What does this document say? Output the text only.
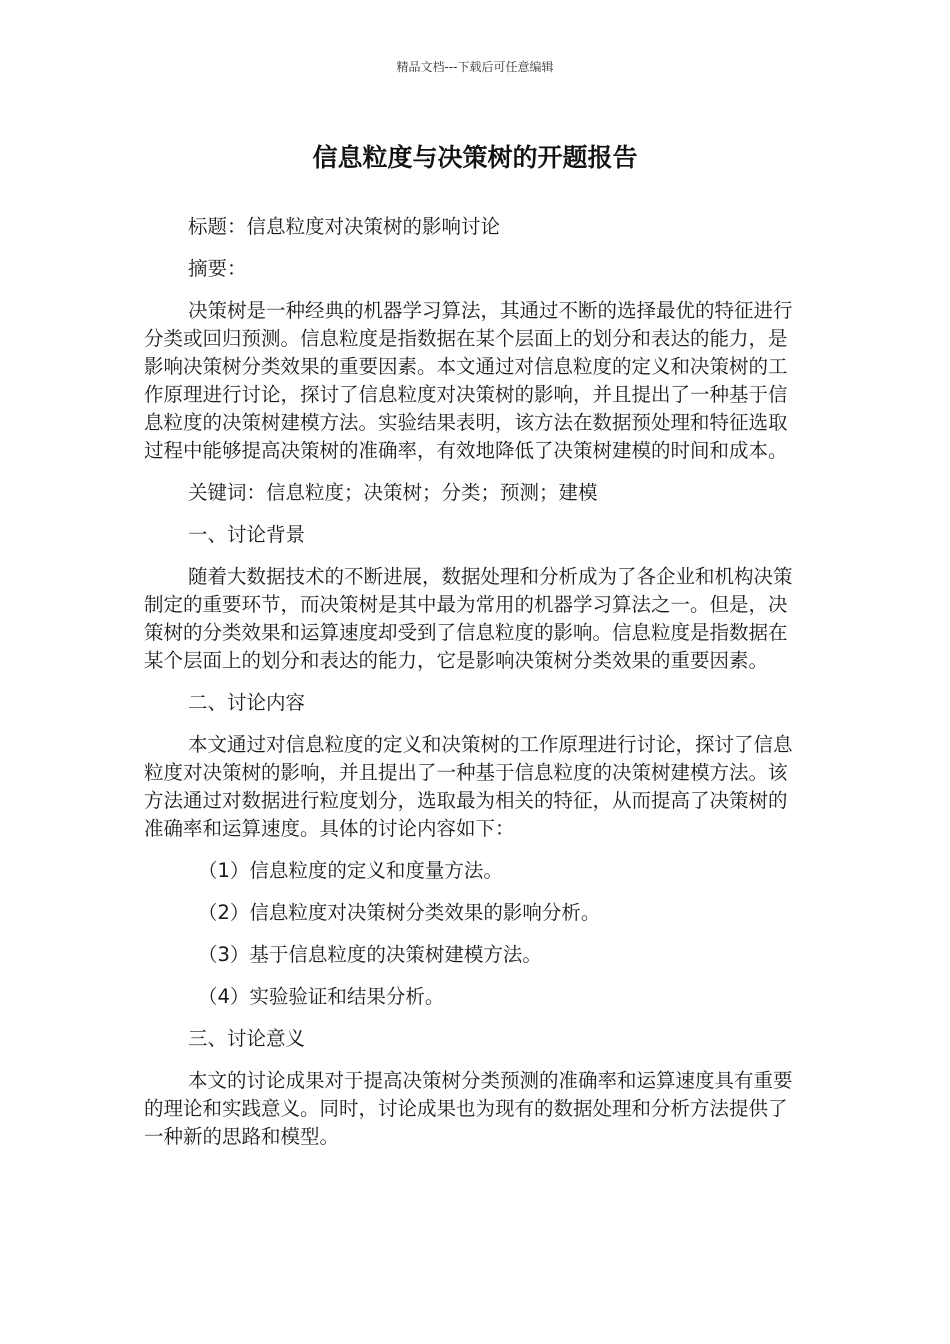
精品文档---下载后可任意编辑
信息粒度与决策树的开题报告

标题：信息粒度对决策树的影响讨论

摘要：

决策树是一种经典的机器学习算法，其通过不断的选择最优的特征进行分类或回归预测。信息粒度是指数据在某个层面上的划分和表达的能力，是影响决策树分类效果的重要因素。本文通过对信息粒度的定义和决策树的工作原理进行讨论，探讨了信息粒度对决策树的影响，并且提出了一种基于信息粒度的决策树建模方法。实验结果表明，该方法在数据预处理和特征选取过程中能够提高决策树的准确率，有效地降低了决策树建模的时间和成本。

关键词：信息粒度；决策树；分类；预测；建模

一、讨论背景

随着大数据技术的不断进展，数据处理和分析成为了各企业和机构决策制定的重要环节，而决策树是其中最为常用的机器学习算法之一。但是，决策树的分类效果和运算速度却受到了信息粒度的影响。信息粒度是指数据在某个层面上的划分和表达的能力，它是影响决策树分类效果的重要因素。

二、讨论内容

本文通过对信息粒度的定义和决策树的工作原理进行讨论，探讨了信息粒度对决策树的影响，并且提出了一种基于信息粒度的决策树建模方法。该方法通过对数据进行粒度划分，选取最为相关的特征，从而提高了决策树的准确率和运算速度。具体的讨论内容如下：

（1）信息粒度的定义和度量方法。

（2）信息粒度对决策树分类效果的影响分析。

（3）基于信息粒度的决策树建模方法。

（4）实验验证和结果分析。

三、讨论意义

本文的讨论成果对于提高决策树分类预测的准确率和运算速度具有重要的理论和实践意义。同时，讨论成果也为现有的数据处理和分析方法提供了一种新的思路和模型。
